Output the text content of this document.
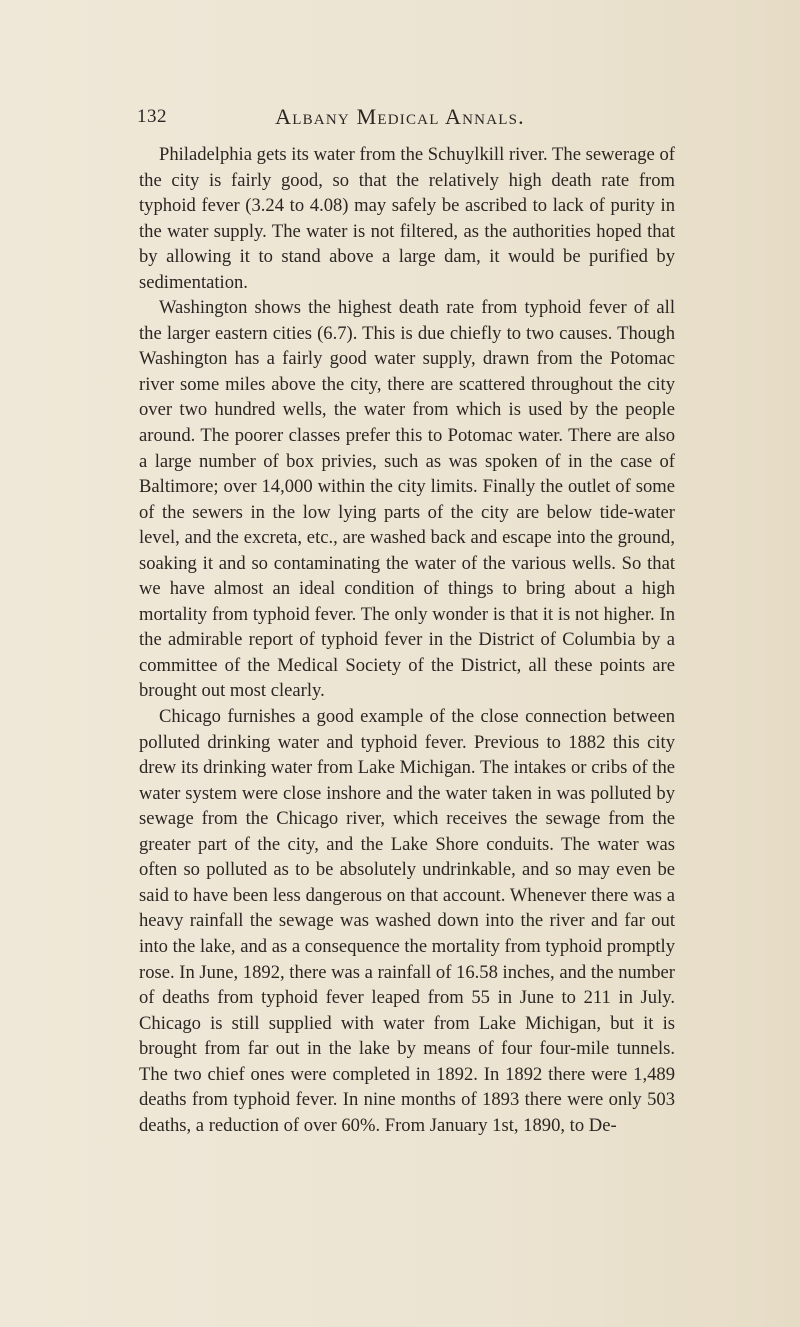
132	Albany Medical Annals.

Philadelphia gets its water from the Schuylkill river. The sewerage of the city is fairly good, so that the relatively high death rate from typhoid fever (3.24 to 4.08) may safely be ascribed to lack of purity in the water supply. The water is not filtered, as the authorities hoped that by allowing it to stand above a large dam, it would be purified by sedimentation.

Washington shows the highest death rate from typhoid fever of all the larger eastern cities (6.7). This is due chiefly to two causes. Though Washington has a fairly good water supply, drawn from the Potomac river some miles above the city, there are scattered throughout the city over two hundred wells, the water from which is used by the people around. The poorer classes prefer this to Potomac water. There are also a large number of box privies, such as was spoken of in the case of Baltimore; over 14,000 within the city limits. Finally the outlet of some of the sewers in the low lying parts of the city are below tide-water level, and the excreta, etc., are washed back and escape into the ground, soaking it and so contaminating the water of the various wells. So that we have almost an ideal condition of things to bring about a high mortality from typhoid fever. The only wonder is that it is not higher. In the admirable report of typhoid fever in the District of Columbia by a committee of the Medical Society of the District, all these points are brought out most clearly.

Chicago furnishes a good example of the close connection between polluted drinking water and typhoid fever. Previous to 1882 this city drew its drinking water from Lake Michigan. The intakes or cribs of the water system were close inshore and the water taken in was polluted by sewage from the Chicago river, which receives the sewage from the greater part of the city, and the Lake Shore conduits. The water was often so polluted as to be absolutely undrinkable, and so may even be said to have been less dangerous on that account. Whenever there was a heavy rainfall the sewage was washed down into the river and far out into the lake, and as a consequence the mortality from typhoid promptly rose. In June, 1892, there was a rainfall of 16.58 inches, and the number of deaths from typhoid fever leaped from 55 in June to 211 in July. Chicago is still supplied with water from Lake Michigan, but it is brought from far out in the lake by means of four four-mile tunnels. The two chief ones were completed in 1892. In 1892 there were 1,489 deaths from typhoid fever. In nine months of 1893 there were only 503 deaths, a reduction of over 60%. From January 1st, 1890, to De-
